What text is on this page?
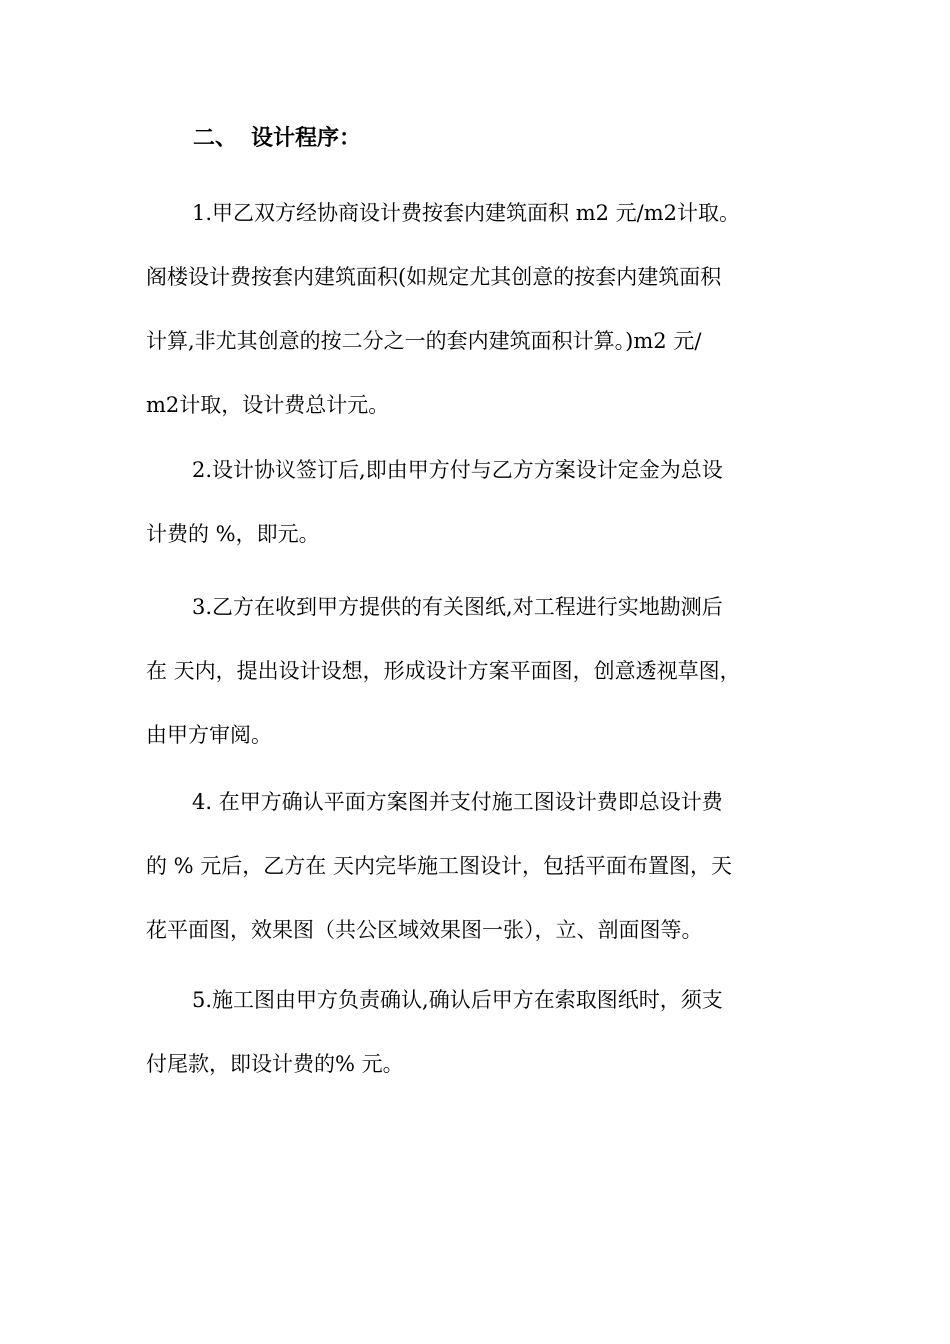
二、 设计程序：
1.甲乙双方经协商设计费按套内建筑面积 m2 元/m2计取。
阁楼设计费按套内建筑面积(如规定尤其创意的按套内建筑面积
计算,非尤其创意的按二分之一的套内建筑面积计算。)m2 元/
m2计取，设计费总计元。
2.设计协议签订后,即由甲方付与乙方方案设计定金为总设
计费的 %，即元。
3.乙方在收到甲方提供的有关图纸,对工程进行实地勘测后
在 天内，提出设计设想，形成设计方案平面图，创意透视草图，
由甲方审阅。
4. 在甲方确认平面方案图并支付施工图设计费即总设计费
的 % 元后，乙方在 天内完毕施工图设计，包括平面布置图，天
花平面图，效果图（共公区域效果图一张），立、剖面图等。
5.施工图由甲方负责确认,确认后甲方在索取图纸时，须支
付尾款，即设计费的% 元。
